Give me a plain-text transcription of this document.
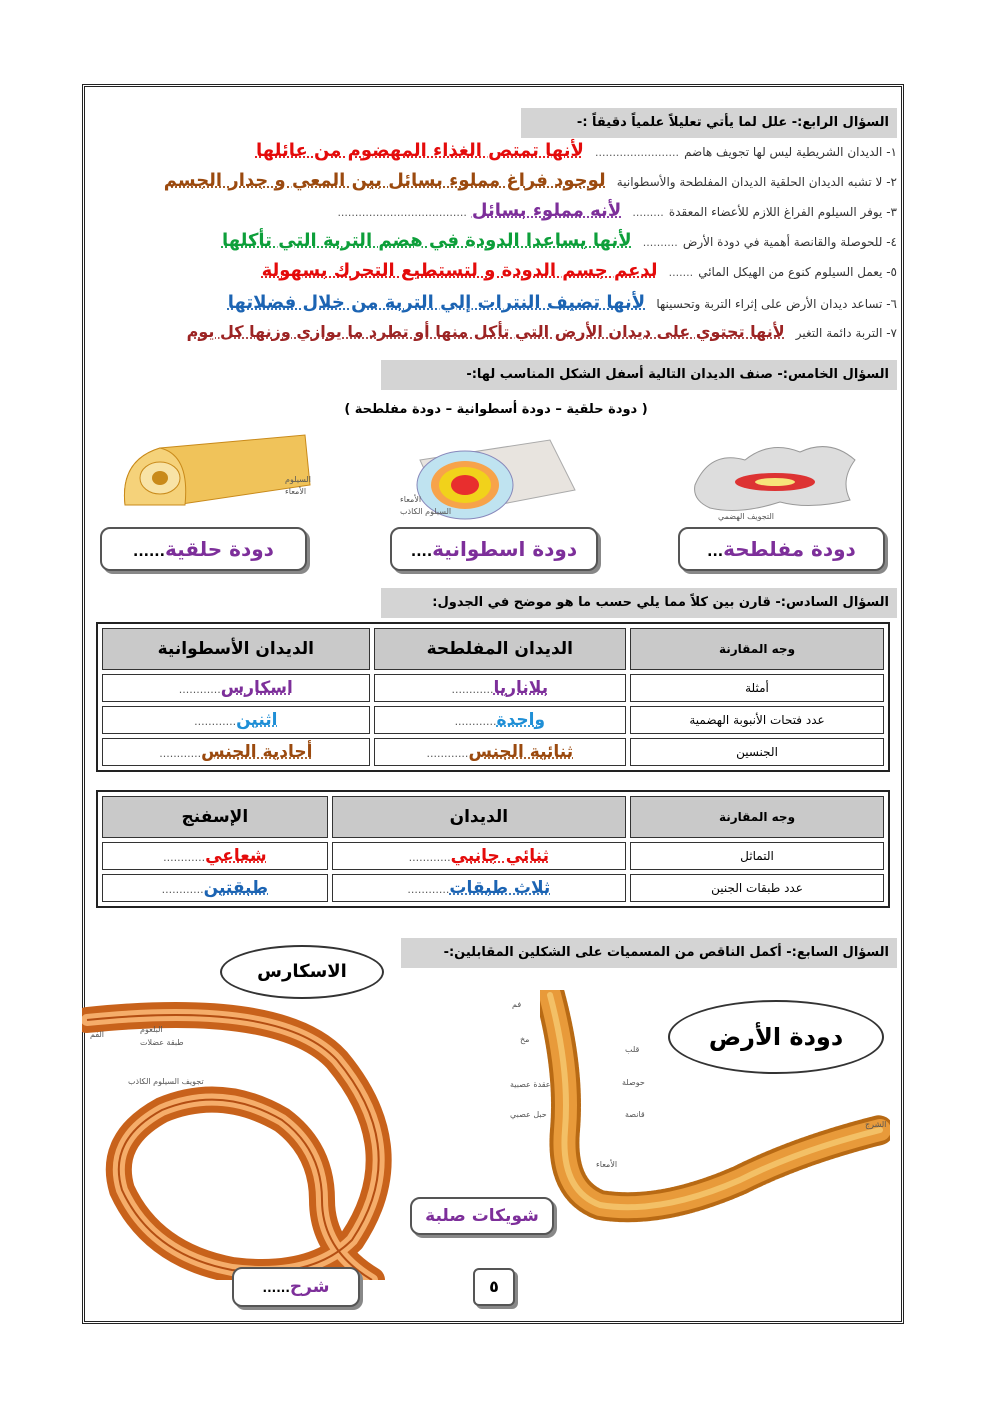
السؤال الرابع:- علل لما يأتي تعليلاً علمياً دقيقاً :-
١- الديدان الشريطية ليس لها تجويف هاضم ........................ لأنها تمتص الغذاء المهضوم من عائلها
٢- لا تشبه الديدان الحلقية الديدان المفلطحة والأسطوانية لوجود فراغ مملوء بسائل بين المعي و جدار الجسم
٣- يوفر السيلوم الفراغ اللازم للأعضاء المعقدة ......... لأنه مملوء بسائل .....................................
٤- للحوصلة والقانصة أهمية في دودة الأرض .......... لأنها يساعدا الدودة في هضم التربة التي تأكلها
٥- يعمل السيلوم كنوع من الهيكل المائي ....... لدعم جسم الدودة و لتستطيع التحرك بسهولة
٦- تساعد ديدان الأرض على إثراء التربة وتحسينها لأنها تضيف النترات إلي التربة من خلال فضلاتها
٧- التربة دائمة التغير لأنها تحتوي على ديدان الأرض التي تأكل منها أو تطرد ما يوازي وزنها كل يوم
السؤال الخامس:- صنف الديدان التالية أسفل الشكل المناسب لها:-
( دودة حلقية – دودة أسطوانية – دودة مفلطحة )
التجويف الهضمي
الأمعاء
السيلوم الكاذب
السيلوم
الأمعاء
دودة مفلطحة...
دودة اسطوانية....
دودة حلقية......
السؤال السادس:- قارن بين كلاً مما يلي حسب ما هو موضح في الجدول:
وجه المقارنة	الديدان المفلطحة	الديدان الأسطوانية
أمثلة	بلاناريا............	اسكارس............
عدد فتحات الأنبوبة الهضمية	واحدة............	اثنين............
الجنسين	ثنائية الجنس............	أحادية الجنس............
وجه المقارنة	الديدان	الإسفنج
التماثل	ثنائي جانبي............	شعاعي............
عدد طبقات الجنين	ثلاث طبقات............	طبقتين............
السؤال السابع:- أكمل الناقص من المسميات على الشكلين المقابلين:-
الاسكارس
دودة الأرض
الفم
البلعوم
طبقة عضلات
تجويف السيلوم الكاذب
فم
مخ
قلب
عقدة عصبية
حبل عصبي
حوصلة
قانصة
الأمعاء
الشرج
شويكات صلبة
شرح......	٥
